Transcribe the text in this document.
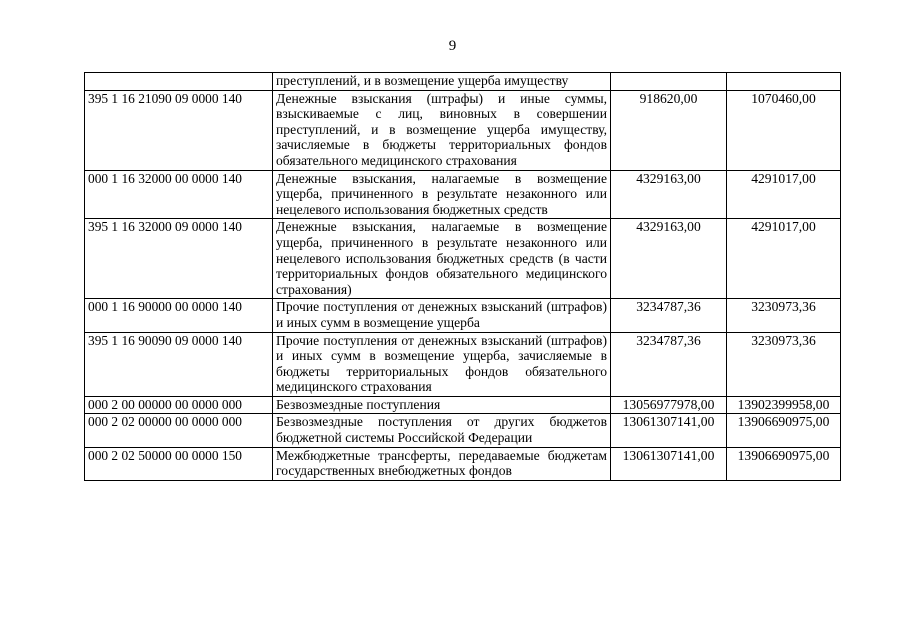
9
	преступлений, и в возмещение ущерба имуществу		
395 1 16 21090 09 0000 140	Денежные взыскания (штрафы) и иные суммы, взыскиваемые с лиц, виновных в совершении преступлений, и в возмещение ущерба имуществу, зачисляемые в бюджеты территориальных фондов обязательного медицинского страхования	918620,00	1070460,00
000 1 16 32000 00 0000 140	Денежные взыскания, налагаемые в возмещение ущерба, причиненного в результате незаконного или нецелевого использования бюджетных средств	4329163,00	4291017,00
395 1 16 32000 09 0000 140	Денежные взыскания, налагаемые в возмещение ущерба, причиненного в результате незаконного или нецелевого использования бюджетных средств (в части территориальных фондов обязательного медицинского страхования)	4329163,00	4291017,00
000 1 16 90000 00 0000 140	Прочие поступления от денежных взысканий (штрафов) и иных сумм в возмещение ущерба	3234787,36	3230973,36
395 1 16 90090 09 0000 140	Прочие поступления от денежных взысканий (штрафов) и иных сумм в возмещение ущерба, зачисляемые в бюджеты территориальных фондов обязательного медицинского страхования	3234787,36	3230973,36
000 2 00 00000 00 0000 000	Безвозмездные поступления	13056977978,00	13902399958,00
000 2 02 00000 00 0000 000	Безвозмездные поступления от других бюджетов бюджетной системы Российской Федерации	13061307141,00	13906690975,00
000 2 02 50000 00 0000 150	Межбюджетные трансферты, передаваемые бюджетам государственных внебюджетных фондов	13061307141,00	13906690975,00
